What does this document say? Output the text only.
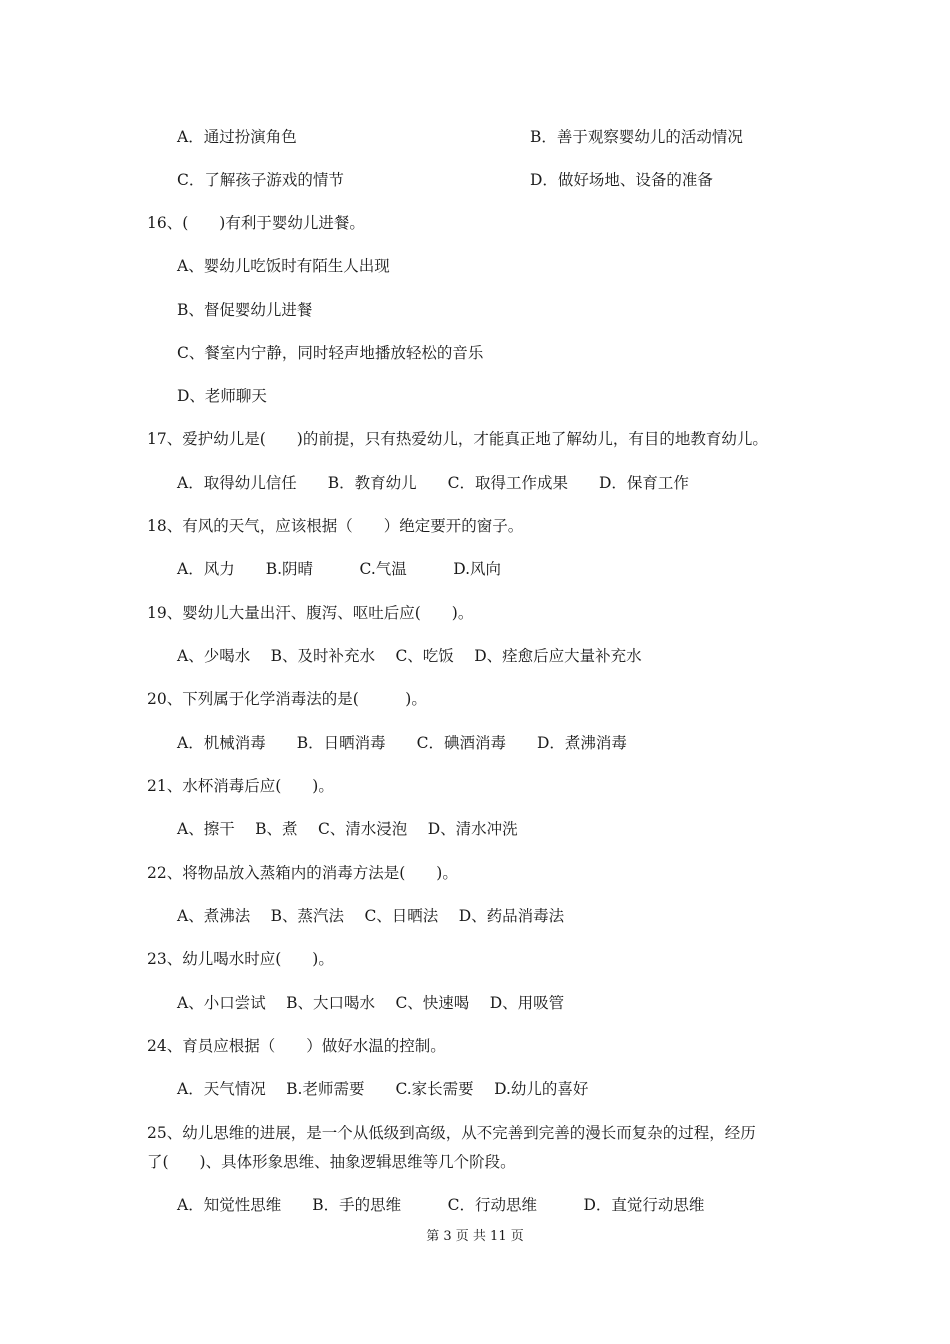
A．通过扮演角色	B．善于观察婴幼儿的活动情况
C．了解孩子游戏的情节	D．做好场地、设备的准备
16、(　　)有利于婴幼儿进餐。
A、婴幼儿吃饭时有陌生人出现
B、督促婴幼儿进餐
C、餐室内宁静，同时轻声地播放轻松的音乐
D、老师聊天
17、爱护幼儿是(　　)的前提，只有热爱幼儿，才能真正地了解幼儿，有目的地教育幼儿。
A．取得幼儿信任　　B．教育幼儿　　C．取得工作成果　　D．保育工作
18、有风的天气，应该根据（　　）绝定要开的窗子。
A．风力　　B.阴晴　　　C.气温　　　D.风向
19、婴幼儿大量出汗、腹泻、呕吐后应(　　)。
A、少喝水　 B、及时补充水　 C、吃饭　 D、痊愈后应大量补充水
20、下列属于化学消毒法的是(　　　)。
A．机械消毒　　B．日晒消毒　　C．碘酒消毒　　D．煮沸消毒
21、水杯消毒后应(　　)。
A、擦干　 B、煮　 C、清水浸泡　 D、清水冲洗
22、将物品放入蒸箱内的消毒方法是(　　)。
A、煮沸法　 B、蒸汽法　 C、日晒法　 D、药品消毒法
23、幼儿喝水时应(　　)。
A、小口尝试　 B、大口喝水　 C、快速喝　 D、用吸管
24、育员应根据（　　）做好水温的控制。
A．天气情况　 B.老师需要　　C.家长需要　 D.幼儿的喜好
25、幼儿思维的进展，是一个从低级到高级，从不完善到完善的漫长而复杂的过程，经历
了(　　)、具体形象思维、抽象逻辑思维等几个阶段。
A．知觉性思维　　B．手的思维　　　C．行动思维　　　D．直觉行动思维
第 3 页 共 11 页
